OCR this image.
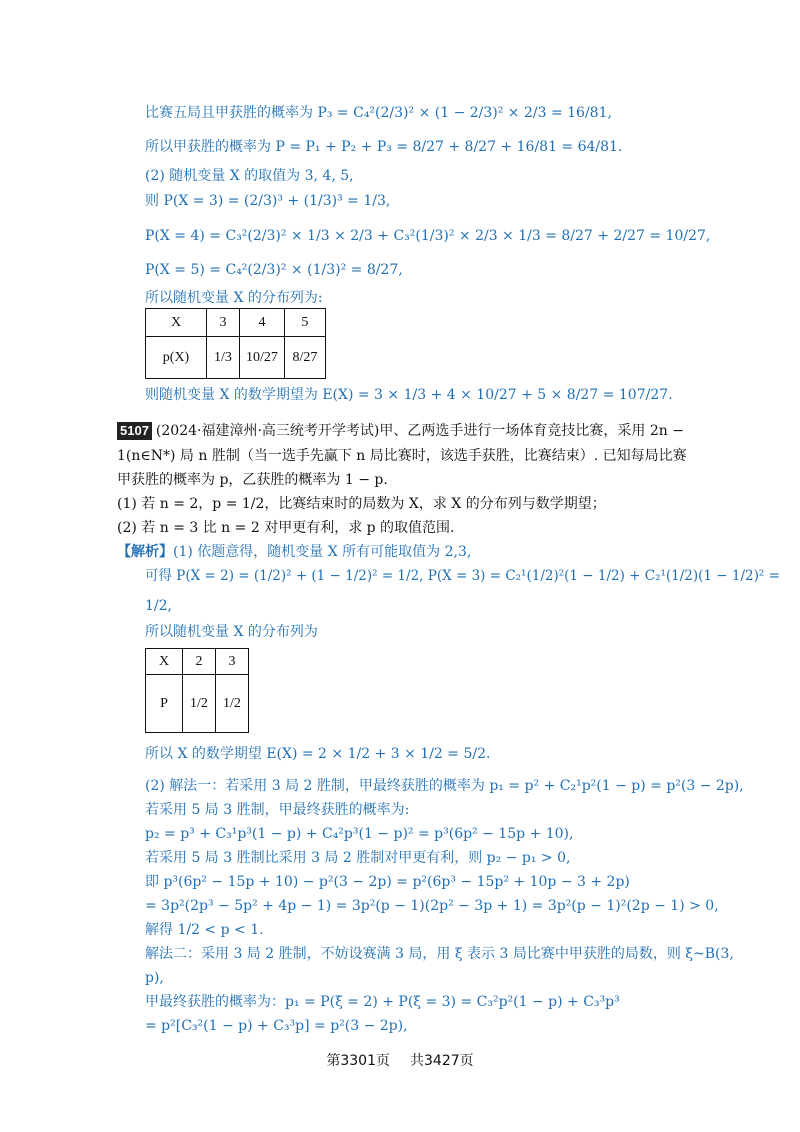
比赛五局且甲获胜的概率为 P₃ = C₄²(2/3)² × (1 − 2/3)² × 2/3 = 16/81,
所以甲获胜的概率为 P = P₁ + P₂ + P₃ = 8/27 + 8/27 + 16/81 = 64/81.
(2) 随机变量 X 的取值为 3, 4, 5,
则 P(X = 3) = (2/3)³ + (1/3)³ = 1/3,
P(X = 4) = C₃²(2/3)² × 1/3 × 2/3 + C₃²(1/3)² × 2/3 × 1/3 = 8/27 + 2/27 = 10/27,
P(X = 5) = C₄²(2/3)² × (1/3)² = 8/27,
所以随机变量 X 的分布列为:
X	3	4	5
p(X)	1/3	10/27	8/27
则随机变量 X 的数学期望为 E(X) = 3 × 1/3 + 4 × 10/27 + 5 × 8/27 = 107/27.
5107 (2024·福建漳州·高三统考开学考试)甲、乙两选手进行一场体育竞技比赛，采用 2n −
1(n∈N*) 局 n 胜制（当一选手先赢下 n 局比赛时，该选手获胜，比赛结束）. 已知每局比赛
甲获胜的概率为 p，乙获胜的概率为 1 − p.
(1) 若 n = 2，p = 1/2，比赛结束时的局数为 X，求 X 的分布列与数学期望；
(2) 若 n = 3 比 n = 2 对甲更有利，求 p 的取值范围.
【解析】(1) 依题意得，随机变量 X 所有可能取值为 2,3,
可得 P(X = 2) = (1/2)² + (1 − 1/2)² = 1/2, P(X = 3) = C₂¹(1/2)²(1 − 1/2) + C₂¹(1/2)(1 − 1/2)² =
1/2,
所以随机变量 X 的分布列为
X	2	3
P	1/2	1/2
所以 X 的数学期望 E(X) = 2 × 1/2 + 3 × 1/2 = 5/2.
(2) 解法一：若采用 3 局 2 胜制，甲最终获胜的概率为 p₁ = p² + C₂¹p²(1 − p) = p²(3 − 2p),
若采用 5 局 3 胜制，甲最终获胜的概率为:
p₂ = p³ + C₃¹p³(1 − p) + C₄²p³(1 − p)² = p³(6p² − 15p + 10),
若采用 5 局 3 胜制比采用 3 局 2 胜制对甲更有利，则 p₂ − p₁ > 0,
即 p³(6p² − 15p + 10) − p²(3 − 2p) = p²(6p³ − 15p² + 10p − 3 + 2p)
= 3p²(2p³ − 5p² + 4p − 1) = 3p²(p − 1)(2p² − 3p + 1) = 3p²(p − 1)²(2p − 1) > 0,
解得 1/2 < p < 1.
解法二：采用 3 局 2 胜制，不妨设赛满 3 局，用 ξ 表示 3 局比赛中甲获胜的局数，则 ξ~B(3,
p),
甲最终获胜的概率为：p₁ = P(ξ = 2) + P(ξ = 3) = C₃²p²(1 − p) + C₃³p³
= p²[C₃²(1 − p) + C₃³p] = p²(3 − 2p),
第3301页 共3427页
